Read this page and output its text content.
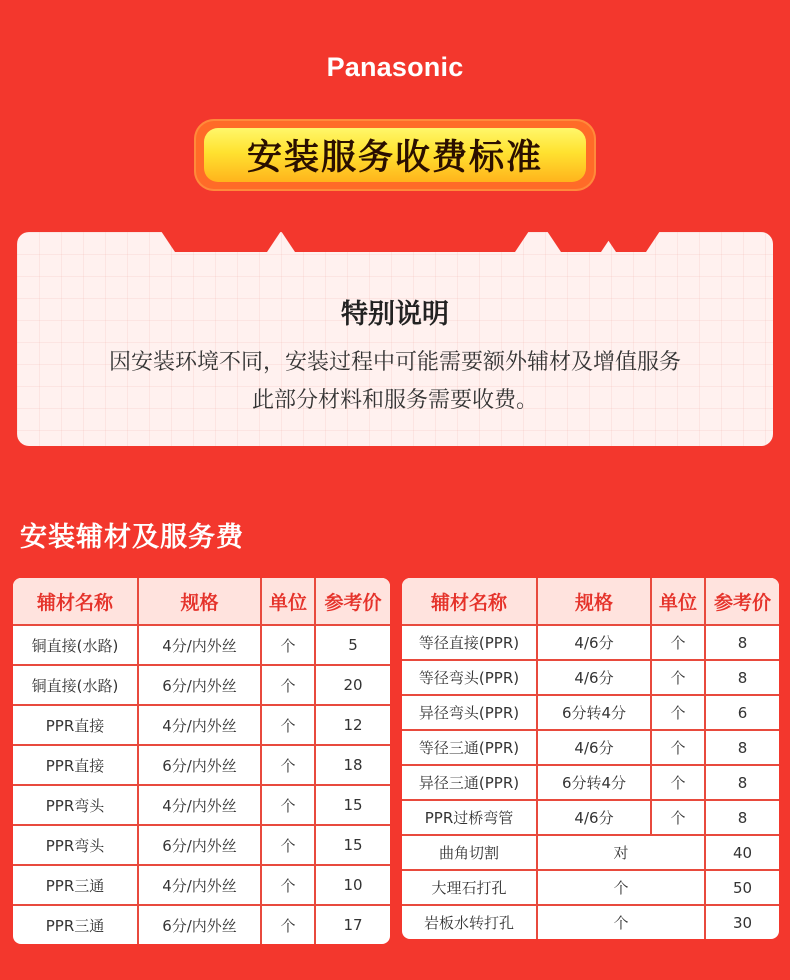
Panasonic
安装服务收费标准
特别说明
因安装环境不同，安装过程中可能需要额外辅材及增值服务
此部分材料和服务需要收费。
安装辅材及服务费
辅材名称	规格	单位	参考价
铜直接(水路)	4分/内外丝	个	5
铜直接(水路)	6分/内外丝	个	20
PPR直接	4分/内外丝	个	12
PPR直接	6分/内外丝	个	18
PPR弯头	4分/内外丝	个	15
PPR弯头	6分/内外丝	个	15
PPR三通	4分/内外丝	个	10
PPR三通	6分/内外丝	个	17
辅材名称	规格	单位	参考价
等径直接(PPR)	4/6分	个	8
等径弯头(PPR)	4/6分	个	8
异径弯头(PPR)	6分转4分	个	6
等径三通(PPR)	4/6分	个	8
异径三通(PPR)	6分转4分	个	8
PPR过桥弯管	4/6分	个	8
曲角切割	对		40
大理石打孔	个		50
岩板水转打孔	个		30
